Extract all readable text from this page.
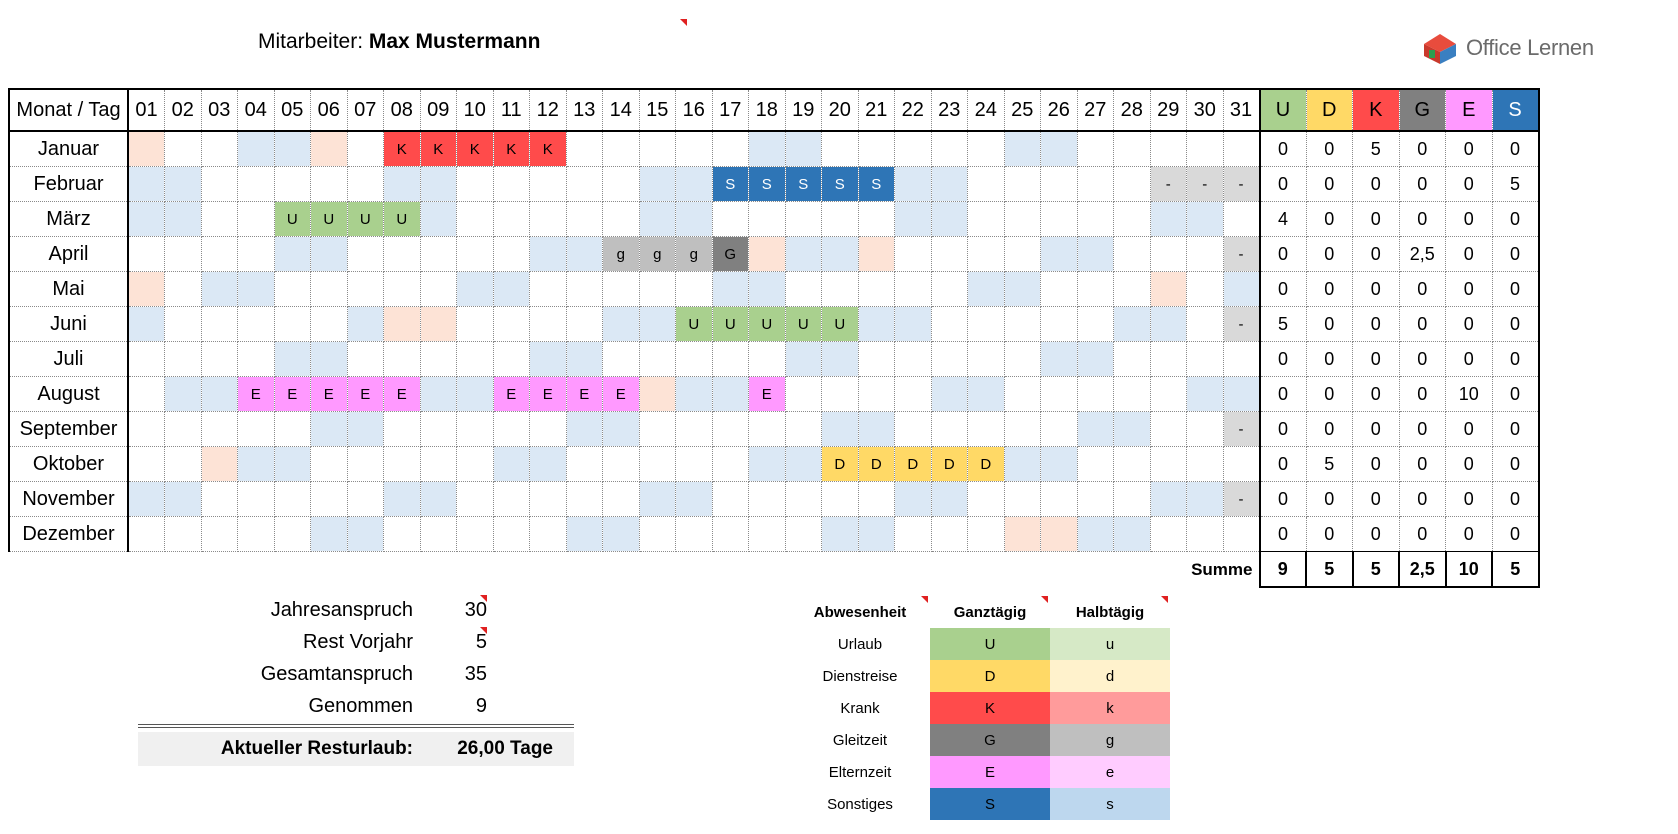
Mitarbeiter: Max Mustermann	Office Lernen
Monat / Tag	01	02	03	04	05	06	07	08	09	10	11	12	13	14	15	16	17	18	19	20	21	22	23	24	25	26	27	28	29	30	31	U	D	K	G	E	S
Januar								K	K	K	K	K																				0	0	5	0	0	0
Februar																	S	S	S	S	S								-	-	-	0	0	0	0	0	5
März					U	U	U	U																								4	0	0	0	0	0
April														g	g	g	G														-	0	0	0	2,5	0	0
Mai																																0	0	0	0	0	0
Juni																U	U	U	U	U											-	5	0	0	0	0	0
Juli																																0	0	0	0	0	0
August				E	E	E	E	E			E	E	E	E				E														0	0	0	0	10	0
September																															-	0	0	0	0	0	0
Oktober																				D	D	D	D	D								0	5	0	0	0	0
November																															-	0	0	0	0	0	0
Dezember																																0	0	0	0	0	0
Summe																																9	5	5	2,5	10	5
Jahresanspruch	30
Rest Vorjahr	5
Gesamtanspruch	35
Genommen	9
Aktueller Resturlaub:	26,00 Tage
Abwesenheit	Ganztägig	Halbtägig

Urlaub	U	u
Dienstreise	D	d
Krank	K	k
Gleitzeit	G	g
Elternzeit	E	e
Sonstiges	S	s
